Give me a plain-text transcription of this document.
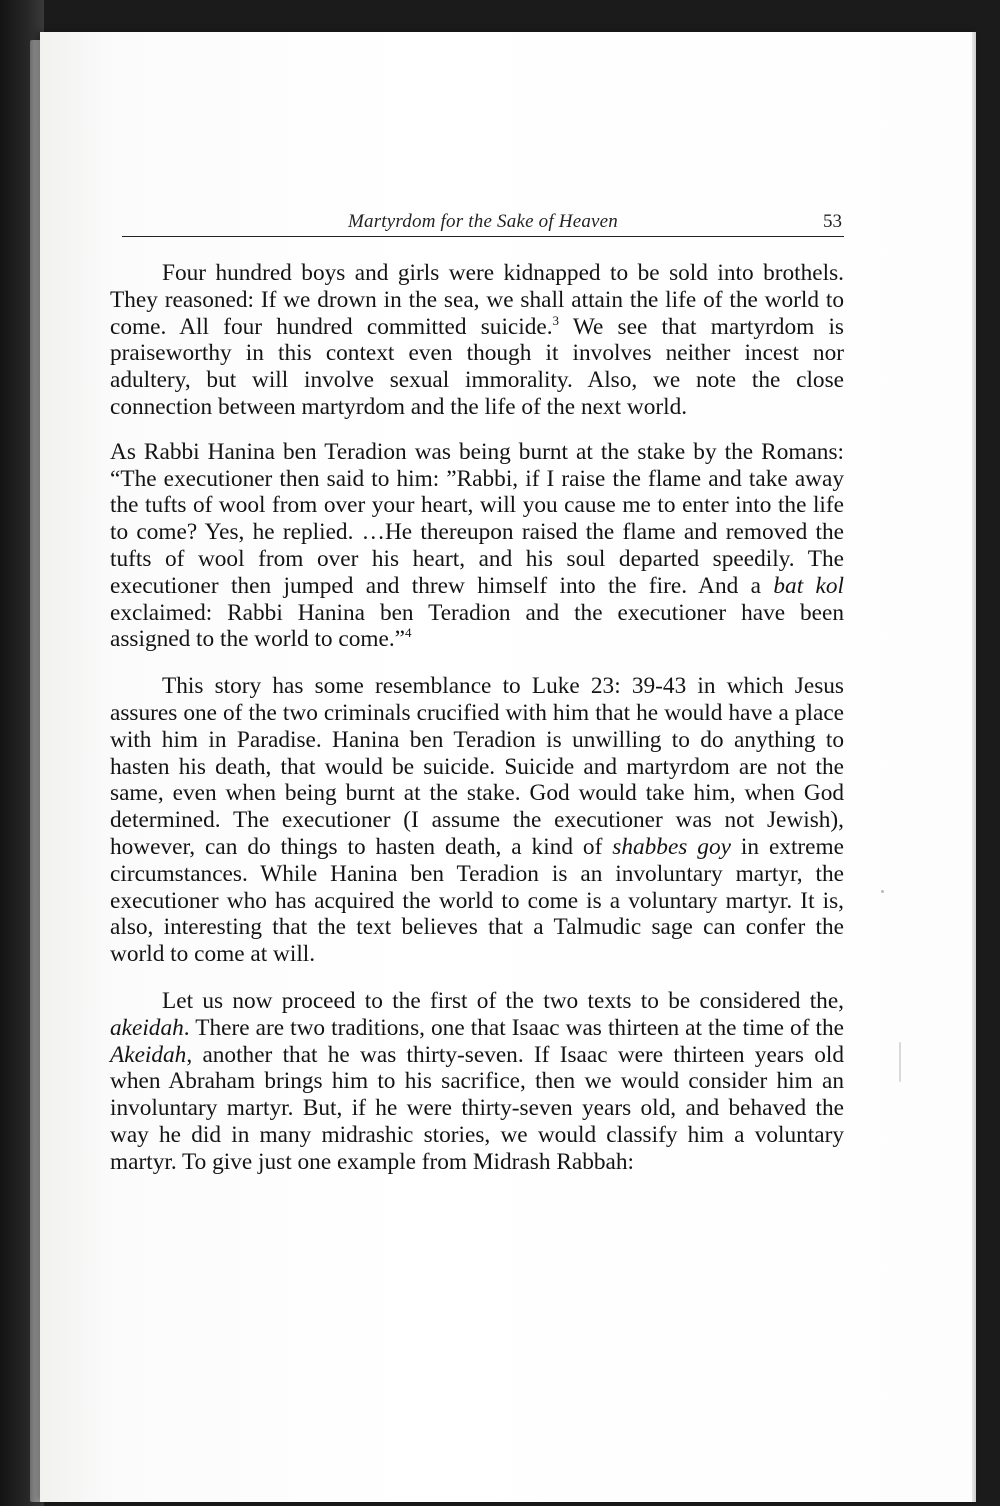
Martyrdom for the Sake of Heaven	53

Four hundred boys and girls were kidnapped to be sold into brothels. They reasoned: If we drown in the sea, we shall attain the life of the world to come. All four hundred committed suicide.$^3$ We see that martyrdom is praiseworthy in this context even though it involves neither incest nor adultery, but will involve sexual immorality. Also, we note the close connection between martyrdom and the life of the next world.

As Rabbi Hanina ben Teradion was being burnt at the stake by the Romans: “The executioner then said to him: ”Rabbi, if I raise the flame and take away the tufts of wool from over your heart, will you cause me to enter into the life to come? Yes, he replied. …He thereupon raised the flame and removed the tufts of wool from over his heart, and his soul departed speedily. The executioner then jumped and threw himself into the fire. And a bat kol exclaimed: Rabbi Hanina ben Teradion and the executioner have been assigned to the world to come.”$^4$

This story has some resemblance to Luke 23: 39-43 in which Jesus assures one of the two criminals crucified with him that he would have a place with him in Paradise. Hanina ben Teradion is unwilling to do anything to hasten his death, that would be suicide. Suicide and martyrdom are not the same, even when being burnt at the stake. God would take him, when God determined. The executioner (I assume the executioner was not Jewish), however, can do things to hasten death, a kind of shabbes goy in extreme circumstances. While Hanina ben Teradion is an involuntary martyr, the executioner who has acquired the world to come is a voluntary martyr. It is, also, interesting that the text believes that a Talmudic sage can confer the world to come at will.

Let us now proceed to the first of the two texts to be considered the, akeidah. There are two traditions, one that Isaac was thirteen at the time of the Akeidah, another that he was thirty-seven. If Isaac were thirteen years old when Abraham brings him to his sacrifice, then we would consider him an involuntary martyr. But, if he were thirty-seven years old, and behaved the way he did in many midrashic stories, we would classify him a voluntary martyr. To give just one example from Midrash Rabbah:
